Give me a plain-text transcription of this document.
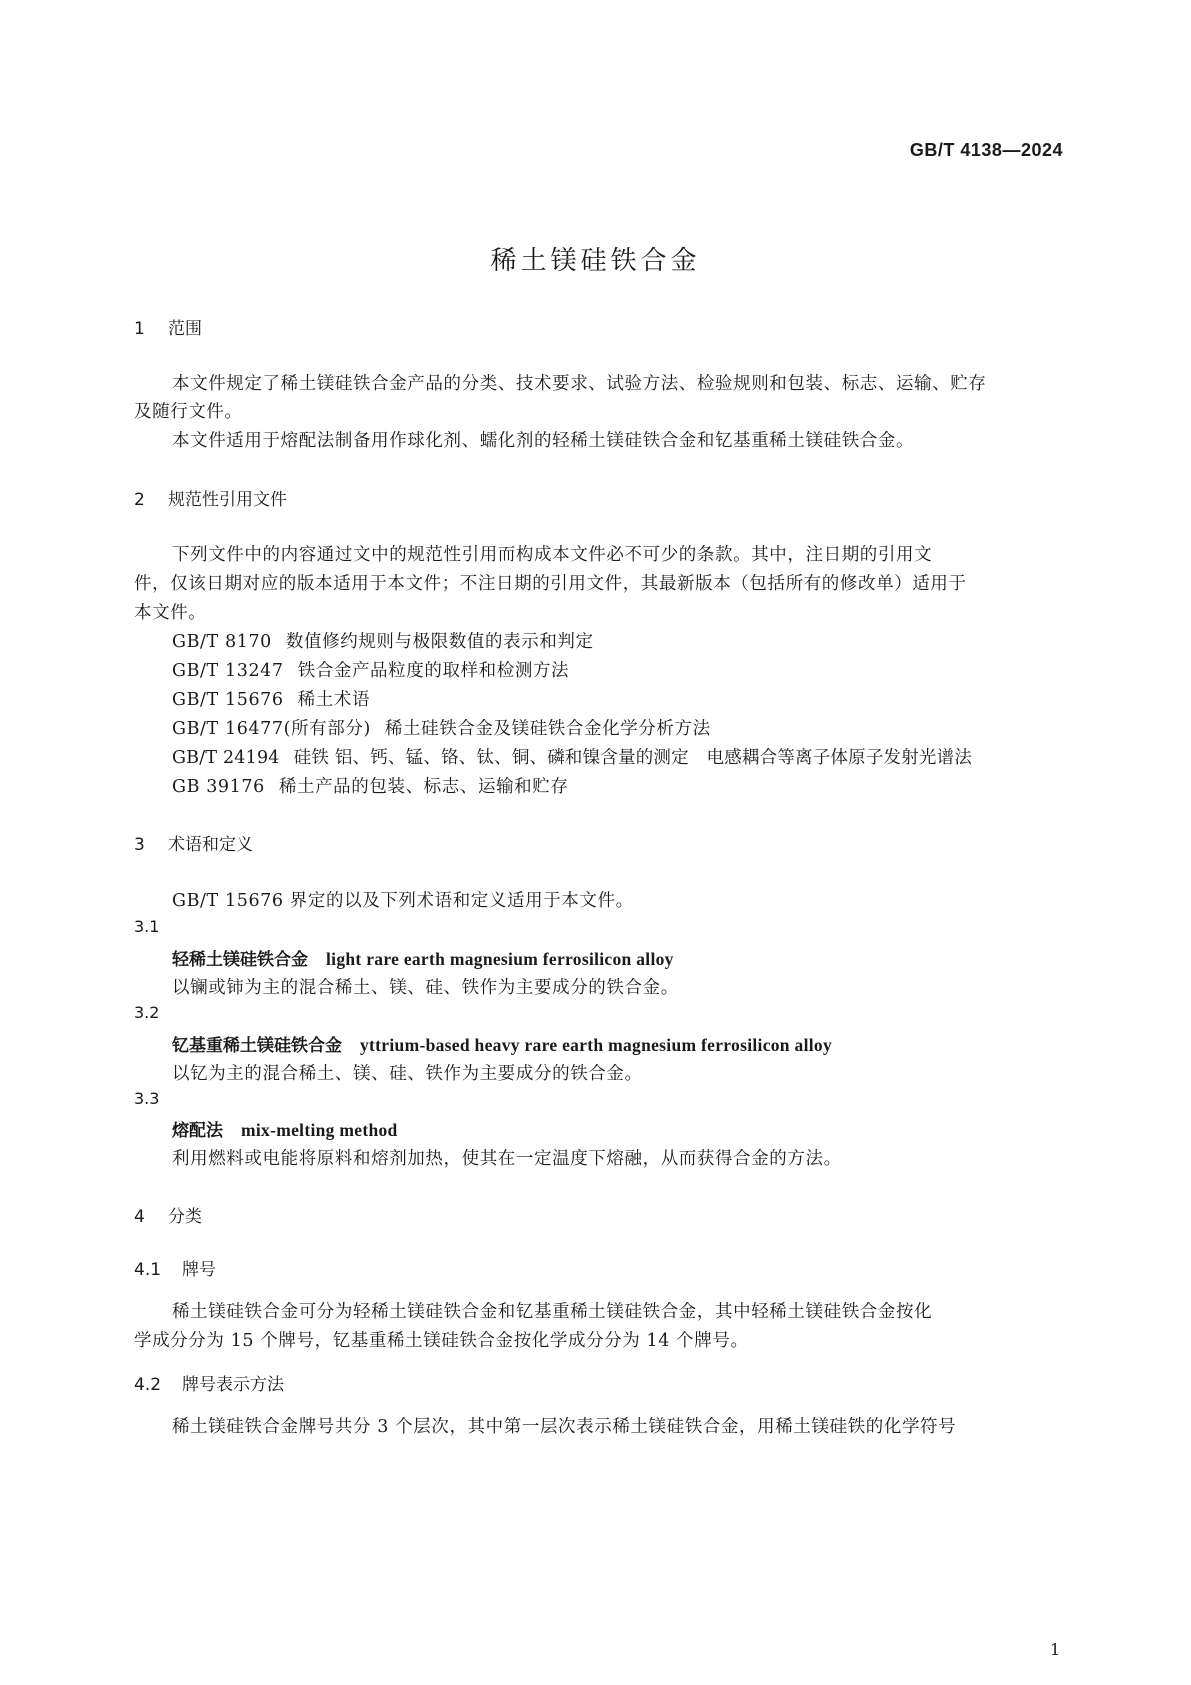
GB/T 4138—2024
稀土镁硅铁合金
1 范围
本文件规定了稀土镁硅铁合金产品的分类、技术要求、试验方法、检验规则和包装、标志、运输、贮存
及随行文件。
本文件适用于熔配法制备用作球化剂、蠕化剂的轻稀土镁硅铁合金和钇基重稀土镁硅铁合金。
2 规范性引用文件
下列文件中的内容通过文中的规范性引用而构成本文件必不可少的条款。其中，注日期的引用文
件，仅该日期对应的版本适用于本文件；不注日期的引用文件，其最新版本（包括所有的修改单）适用于
本文件。
GB/T 8170 数值修约规则与极限数值的表示和判定
GB/T 13247 铁合金产品粒度的取样和检测方法
GB/T 15676 稀土术语
GB/T 16477(所有部分) 稀土硅铁合金及镁硅铁合金化学分析方法
GB/T 24194 硅铁 铝、钙、锰、铬、钛、铜、磷和镍含量的测定　电感耦合等离子体原子发射光谱法
GB 39176 稀土产品的包装、标志、运输和贮存
3 术语和定义
GB/T 15676 界定的以及下列术语和定义适用于本文件。
3.1
轻稀土镁硅铁合金 light rare earth magnesium ferrosilicon alloy
以镧或铈为主的混合稀土、镁、硅、铁作为主要成分的铁合金。
3.2
钇基重稀土镁硅铁合金 yttrium-based heavy rare earth magnesium ferrosilicon alloy
以钇为主的混合稀土、镁、硅、铁作为主要成分的铁合金。
3.3
熔配法 mix-melting method
利用燃料或电能将原料和熔剂加热，使其在一定温度下熔融，从而获得合金的方法。
4 分类
4.1 牌号
稀土镁硅铁合金可分为轻稀土镁硅铁合金和钇基重稀土镁硅铁合金，其中轻稀土镁硅铁合金按化
学成分分为 15 个牌号，钇基重稀土镁硅铁合金按化学成分分为 14 个牌号。
4.2 牌号表示方法
稀土镁硅铁合金牌号共分 3 个层次，其中第一层次表示稀土镁硅铁合金，用稀土镁硅铁的化学符号
1
